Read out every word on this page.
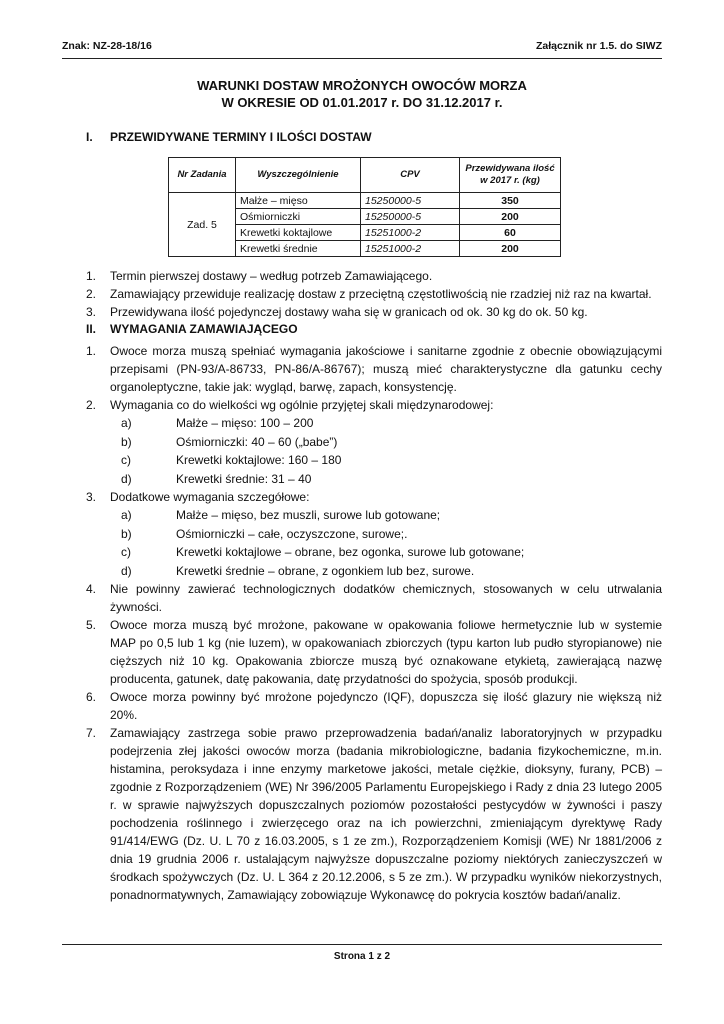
Znak: NZ-28-18/16	Załącznik nr 1.5. do SIWZ
WARUNKI DOSTAW MROŻONYCH OWOCÓW MORZA
W OKRESIE OD 01.01.2017 r. DO 31.12.2017 r.
I. PRZEWIDYWANE TERMINY I ILOŚCI DOSTAW
Nr Zadania	Wyszczególnienie	CPV	Przewidywana ilość w 2017 r. (kg)
Zad. 5	Małże – mięso	15250000-5	350
	Ośmiorniczki	15250000-5	200
	Krewetki koktajlowe	15251000-2	60
	Krewetki średnie	15251000-2	200
1.	Termin pierwszej dostawy – według potrzeb Zamawiającego.
2.	Zamawiający przewiduje realizację dostaw z przeciętną częstotliwością nie rzadziej niż raz na kwartał.
3.	Przewidywana ilość pojedynczej dostawy waha się w granicach od ok. 30 kg do ok. 50 kg.
II. WYMAGANIA ZAMAWIAJĄCEGO
1.	Owoce morza muszą spełniać wymagania jakościowe i sanitarne zgodnie z obecnie obowiązującymi przepisami (PN-93/A-86733, PN-86/A-86767); muszą mieć charakterystyczne dla gatunku cechy organoleptyczne, takie jak: wygląd, barwę, zapach, konsystencję.
2.	Wymagania co do wielkości wg ogólnie przyjętej skali międzynarodowej:
a)	Małże – mięso: 100 – 200
b)	Ośmiorniczki: 40 – 60 („babe”)
c)	Krewetki koktajlowe: 160 – 180
d)	Krewetki średnie: 31 – 40
3.	Dodatkowe wymagania szczegółowe:
a)	Małże – mięso, bez muszli, surowe lub gotowane;
b)	Ośmiorniczki – całe, oczyszczone, surowe;.
c)	Krewetki koktajlowe – obrane, bez ogonka, surowe lub gotowane;
d)	Krewetki średnie – obrane, z ogonkiem lub bez, surowe.
4.	Nie powinny zawierać technologicznych dodatków chemicznych, stosowanych w celu utrwalania żywności.
5.	Owoce morza muszą być mrożone, pakowane w opakowania foliowe hermetycznie lub w systemie MAP po 0,5 lub 1 kg (nie luzem), w opakowaniach zbiorczych (typu karton lub pudło styropianowe) nie cięższych niż 10 kg. Opakowania zbiorcze muszą być oznakowane etykietą, zawierającą nazwę producenta, gatunek, datę pakowania, datę przydatności do spożycia, sposób produkcji.
6.	Owoce morza powinny być mrożone pojedynczo (IQF), dopuszcza się ilość glazury nie większą niż 20%.
7.	Zamawiający zastrzega sobie prawo przeprowadzenia badań/analiz laboratoryjnych w przypadku podejrzenia złej jakości owoców morza (badania mikrobiologiczne, badania fizykochemiczne, m.in. histamina, peroksydaza i inne enzymy marketowe jakości, metale ciężkie, dioksyny, furany, PCB) – zgodnie z Rozporządzeniem (WE) Nr 396/2005 Parlamentu Europejskiego i Rady z dnia 23 lutego 2005 r. w sprawie najwyższych dopuszczalnych poziomów pozostałości pestycydów w żywności i paszy pochodzenia roślinnego i zwierzęcego oraz na ich powierzchni, zmieniającym dyrektywę Rady 91/414/EWG (Dz. U. L 70 z 16.03.2005, s 1 ze zm.), Rozporządzeniem Komisji (WE) Nr 1881/2006 z dnia 19 grudnia 2006 r. ustalającym najwyższe dopuszczalne poziomy niektórych zanieczyszczeń w środkach spożywczych (Dz. U. L 364 z 20.12.2006, s 5 ze zm.). W przypadku wyników niekorzystnych, ponadnormatywnych, Zamawiający zobowiązuje Wykonawcę do pokrycia kosztów badań/analiz.
Strona 1 z 2
